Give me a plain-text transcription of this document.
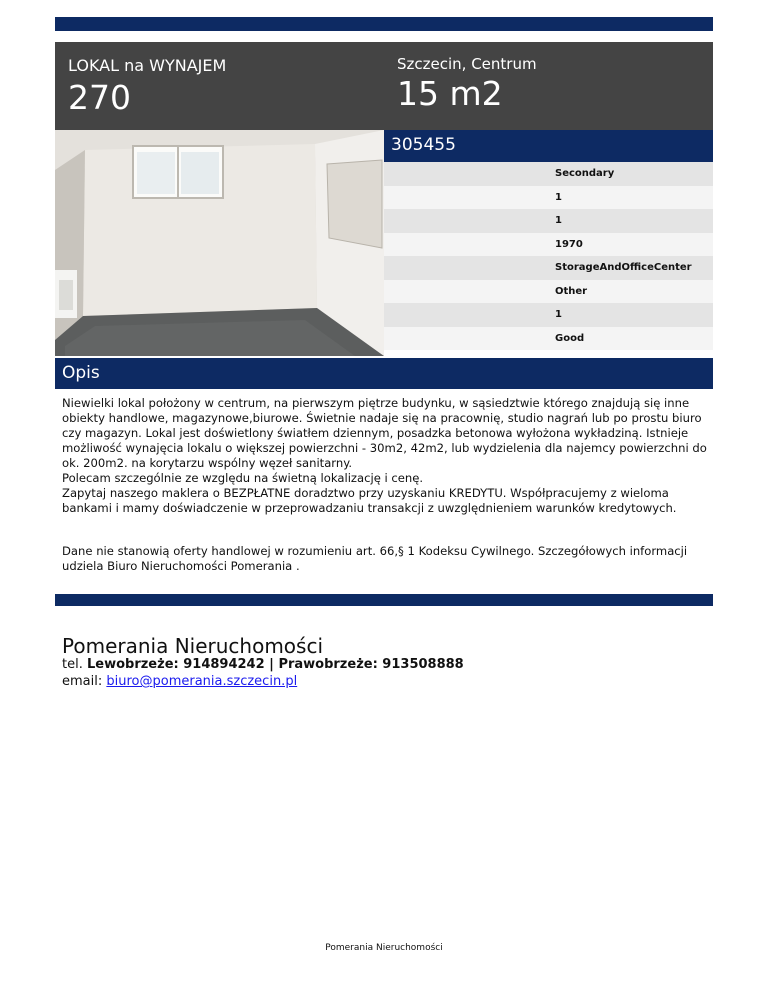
LOKAL na WYNAJEM
270
Szczecin, Centrum
15 m2
305455
Secondary
1
1
1970
StorageAndOfficeCenter
Other
1
Good
Opis

Niewielki lokal położony w centrum, na pierwszym piętrze budynku, w sąsiedztwie którego znajdują się inne obiekty handlowe, magazynowe,biurowe. Świetnie nadaje się na pracownię, studio nagrań lub po prostu biuro czy magazyn. Lokal jest doświetlony światłem dziennym, posadzka betonowa wyłożona wykładziną. Istnieje możliwość wynajęcia lokalu o większej powierzchni - 30m2, 42m2, lub wydzielenia dla najemcy powierzchni do ok. 200m2. na korytarzu wspólny węzeł sanitarny.

Polecam szczególnie ze względu na świetną lokalizację i cenę.

Zapytaj naszego maklera o BEZPŁATNE doradztwo przy uzyskaniu KREDYTU. Współpracujemy z wieloma bankami i mamy doświadczenie w przeprowadzaniu transakcji z uwzględnieniem warunków kredytowych.

Dane nie stanowią oferty handlowej w rozumieniu art. 66,§ 1 Kodeksu Cywilnego. Szczegółowych informacji udziela Biuro Nieruchomości Pomerania .
Pomerania Nieruchomości
tel. Lewobrzeże: 914894242 | Prawobrzeże: 913508888
email: biuro@pomerania.szczecin.pl
Pomerania Nieruchomości
